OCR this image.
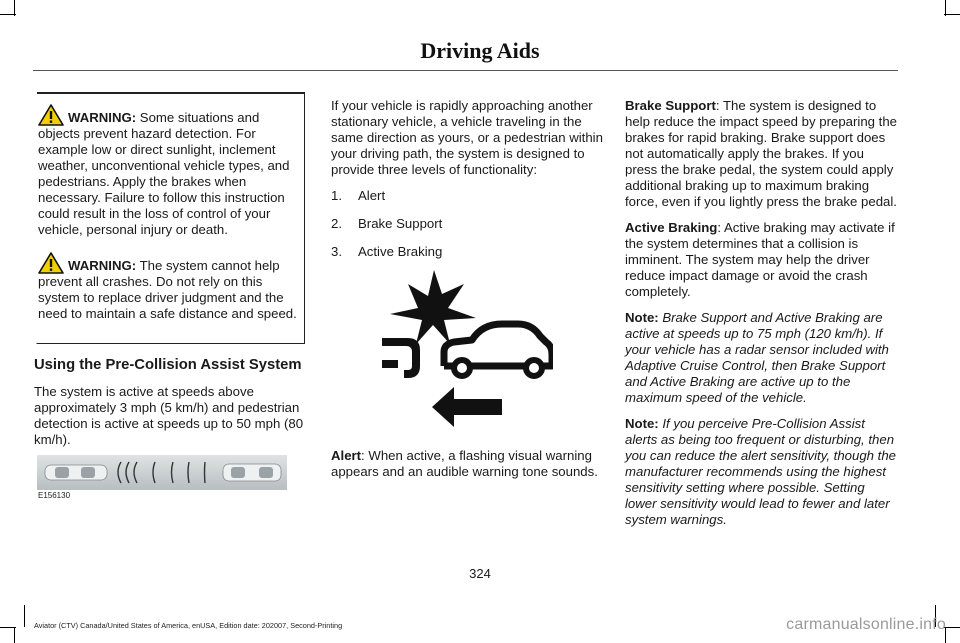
Driving Aids

WARNING: Some situations and objects prevent hazard detection. For example low or direct sunlight, inclement weather, unconventional vehicle types, and pedestrians. Apply the brakes when necessary. Failure to follow this instruction could result in the loss of control of your vehicle, personal injury or death.

WARNING: The system cannot help prevent all crashes. Do not rely on this system to replace driver judgment and the need to maintain a safe distance and speed.

Using the Pre-Collision Assist System

The system is active at speeds above approximately 3 mph (5 km/h) and pedestrian detection is active at speeds up to 50 mph (80 km/h).

E156130

If your vehicle is rapidly approaching another stationary vehicle, a vehicle traveling in the same direction as yours, or a pedestrian within your driving path, the system is designed to provide three levels of functionality:

1. Alert
2. Brake Support
3. Active Braking

Alert: When active, a flashing visual warning appears and an audible warning tone sounds.

Brake Support: The system is designed to help reduce the impact speed by preparing the brakes for rapid braking. Brake support does not automatically apply the brakes. If you press the brake pedal, the system could apply additional braking up to maximum braking force, even if you lightly press the brake pedal.

Active Braking: Active braking may activate if the system determines that a collision is imminent. The system may help the driver reduce impact damage or avoid the crash completely.

Note: Brake Support and Active Braking are active at speeds up to 75 mph (120 km/h). If your vehicle has a radar sensor included with Adaptive Cruise Control, then Brake Support and Active Braking are active up to the maximum speed of the vehicle.

Note: If you perceive Pre-Collision Assist alerts as being too frequent or disturbing, then you can reduce the alert sensitivity, though the manufacturer recommends using the highest sensitivity setting where possible. Setting lower sensitivity would lead to fewer and later system warnings.

324
Aviator (CTV) Canada/United States of America, enUSA, Edition date: 202007, Second-Printing	carmanualsonline.info
